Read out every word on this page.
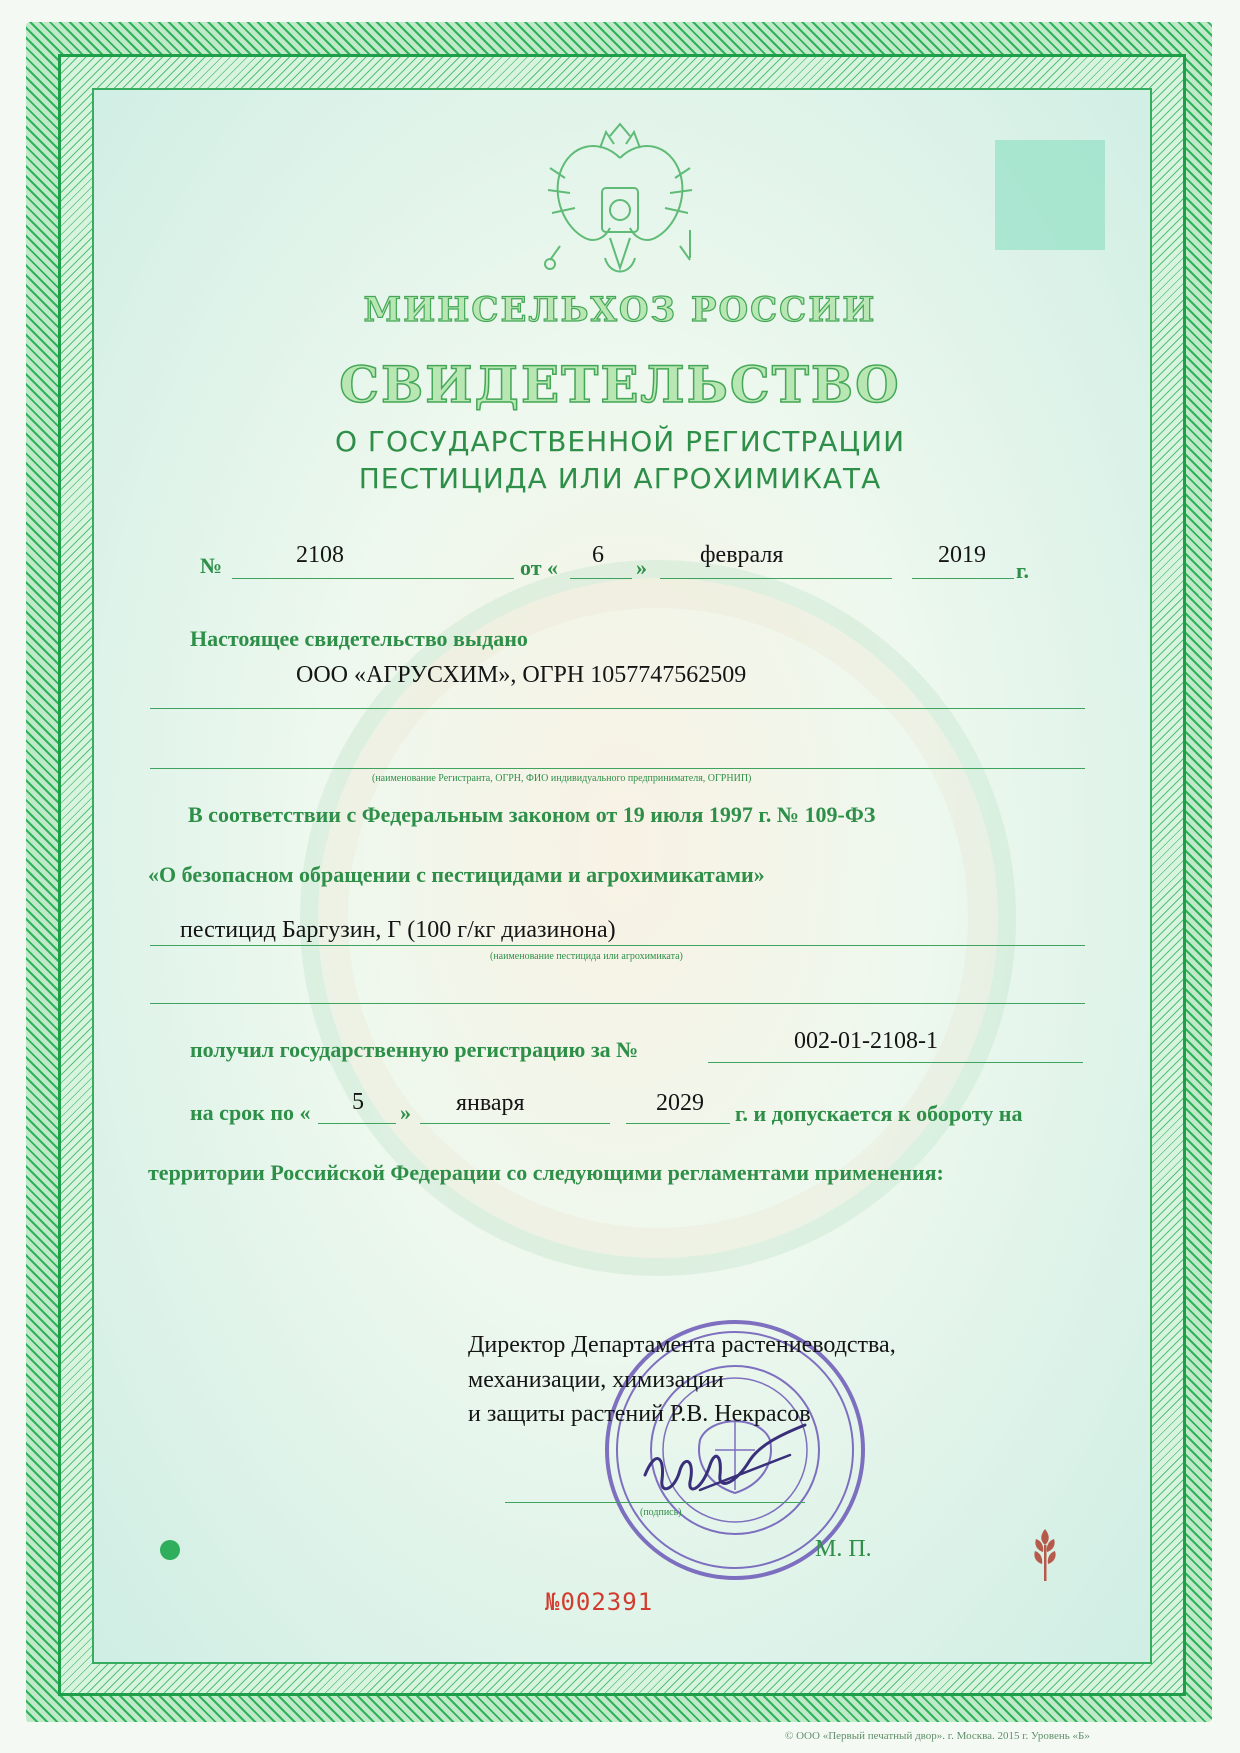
МИНСЕЛЬХОЗ РОССИИ
СВИДЕТЕЛЬСТВО
О ГОСУДАРСТВЕННОЙ РЕГИСТРАЦИИ
ПЕСТИЦИДА ИЛИ АГРОХИМИКАТА
№	2108	от « 6 » февраля	2019
г.
Настоящее свидетельство выдано
ООО «АГРУСХИМ», ОГРН 1057747562509
(наименование Регистранта, ОГРН, ФИО индивидуального предпринимателя, ОГРНИП)
В соответствии с Федеральным законом от 19 июля 1997 г. № 109-ФЗ
«О безопасном обращении с пестицидами и агрохимикатами»
пестицид Баргузин, Г (100 г/кг диазинона)
(наименование пестицида или агрохимиката)
получил государственную регистрацию за №	002-01-2108-1
на срок по « 5 » января	2029 г. и допускается к обороту на
территории Российской Федерации со следующими регламентами применения:
Директор Департамента растениеводства,
механизации, химизации
и защиты растений Р.В. Некрасов
(подпись)
М. П.
№002391
© ООО «Первый печатный двор». г. Москва. 2015 г. Уровень «Б»
